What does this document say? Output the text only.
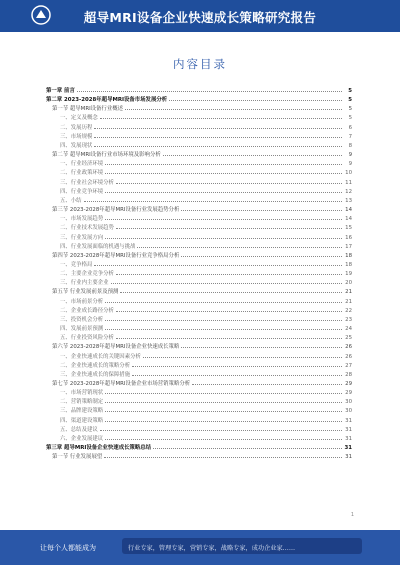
超导MRI设备企业快速成长策略研究报告
内容目录
第一章 前言	5
第二章 2023-2028年超导MRI设备市场发展分析	5
第一节 超导MRI设备行业概述	5
一、定义及概念	5
二、发展历程	6
三、市场规模	7
四、发展现状	8
第二节 超导MRI设备行业市场环境及影响分析	9
一、行业经济环境	9
二、行业政策环境	10
三、行业社会环境分析	11
四、行业竞争环境	12
五、小结	13
第三节 2023-2028年超导MRI设备行业发展趋势分析	14
一、市场发展趋势	14
二、行业技术发展趋势	15
三、行业发展方向	16
四、行业发展面临的机遇与挑战	17
第四节 2023-2028年超导MRI设备行业竞争格局分析	18
一、竞争格局	18
二、主要企业竞争分析	19
三、行业内主要企业	20
第五节 行业发展前景及预测	21
一、市场前景分析	21
二、企业成长路径分析	22
三、投资机会分析	23
四、发展前景预测	24
五、行业投资风险分析	25
第六节 2023-2028年超导MRI设备企业快速成长策略	26
一、企业快速成长的关键因素分析	26
二、企业快速成长的策略分析	27
三、企业快速成长的保障措施	28
第七节 2023-2028年超导MRI设备企业市场营销策略分析	29
一、市场营销现状	29
二、营销策略制定	30
三、品牌建设策略	30
四、渠道建设策略	31
五、总结及建议	31
六、企业发展建议	31
第三章 超导MRI设备企业快速成长策略总结	31
第一节 行业发展展望	31
1
让每个人都能成为	行业专家，管理专家，营销专家，战略专家，成功企业家……
